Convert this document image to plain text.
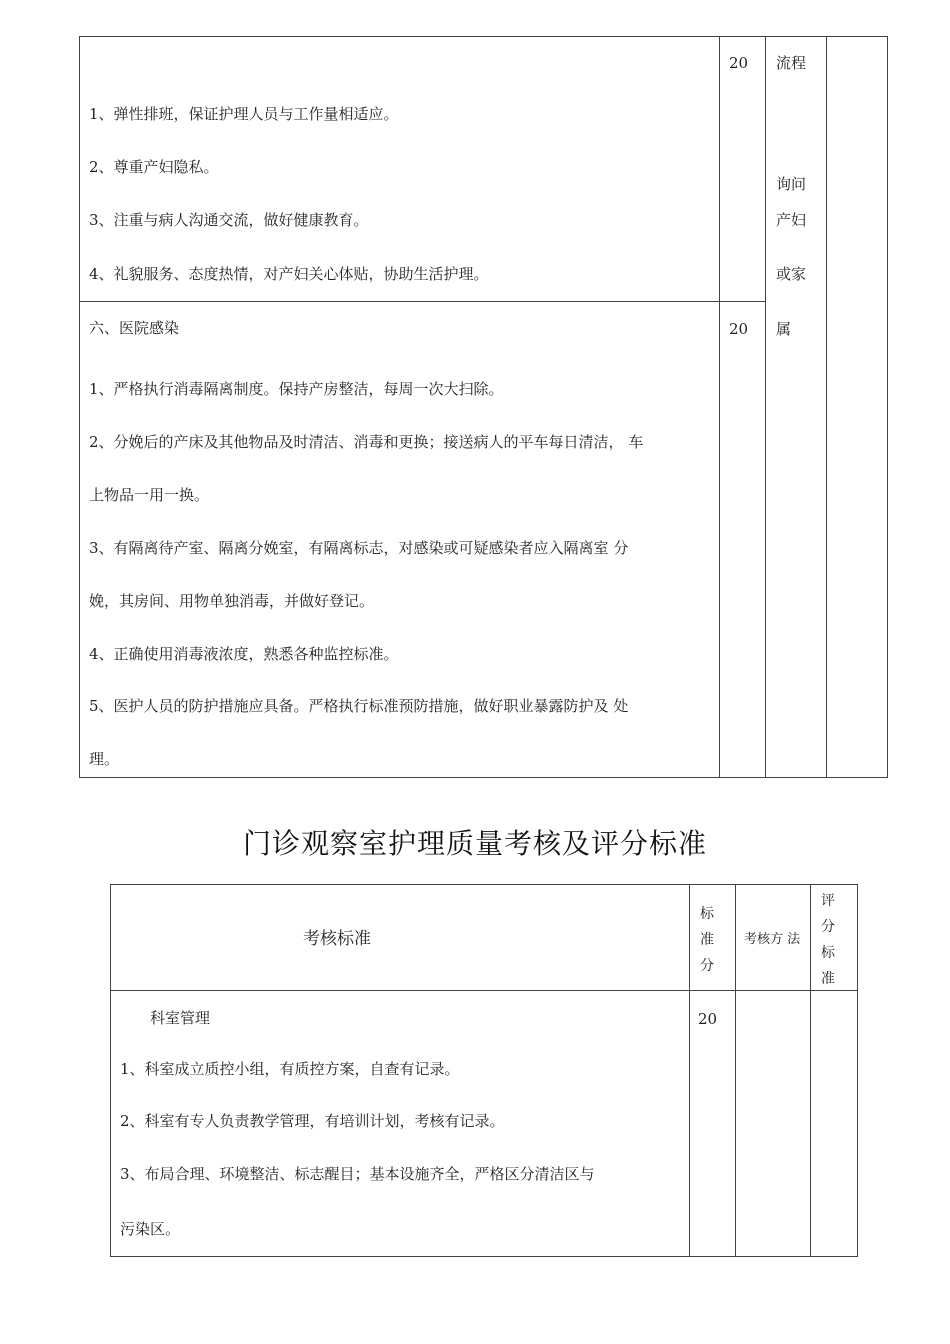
1、弹性排班，保证护理人员与工作量相适应。
2、尊重产妇隐私。
3、注重与病人沟通交流，做好健康教育。
4、礼貌服务、态度热情，对产妇关心体贴，协助生活护理。
20 流程
询问
产妇
或家
属
六、医院感染
1、严格执行消毒隔离制度。保持产房整洁，每周一次大扫除。
2、分娩后的产床及其他物品及时清洁、消毒和更换；接送病人的平车每日清洁， 车
上物品一用一换。
3、有隔离待产室、隔离分娩室，有隔离标志，对感染或可疑感染者应入隔离室 分
娩，其房间、用物单独消毒，并做好登记。
4、正确使用消毒液浓度，熟悉各种监控标准。
5、医护人员的防护措施应具备。严格执行标准预防措施，做好职业暴露防护及 处
理。
20
门诊观察室护理质量考核及评分标准
考核标准
标
准
分
考核方 法
评
分
标
准
科室管理
1、科室成立质控小组，有质控方案，自查有记录。
2、科室有专人负责教学管理，有培训计划，考核有记录。
3、布局合理、环境整洁、标志醒目；基本设施齐全，严格区分清洁区与
污染区。
20
